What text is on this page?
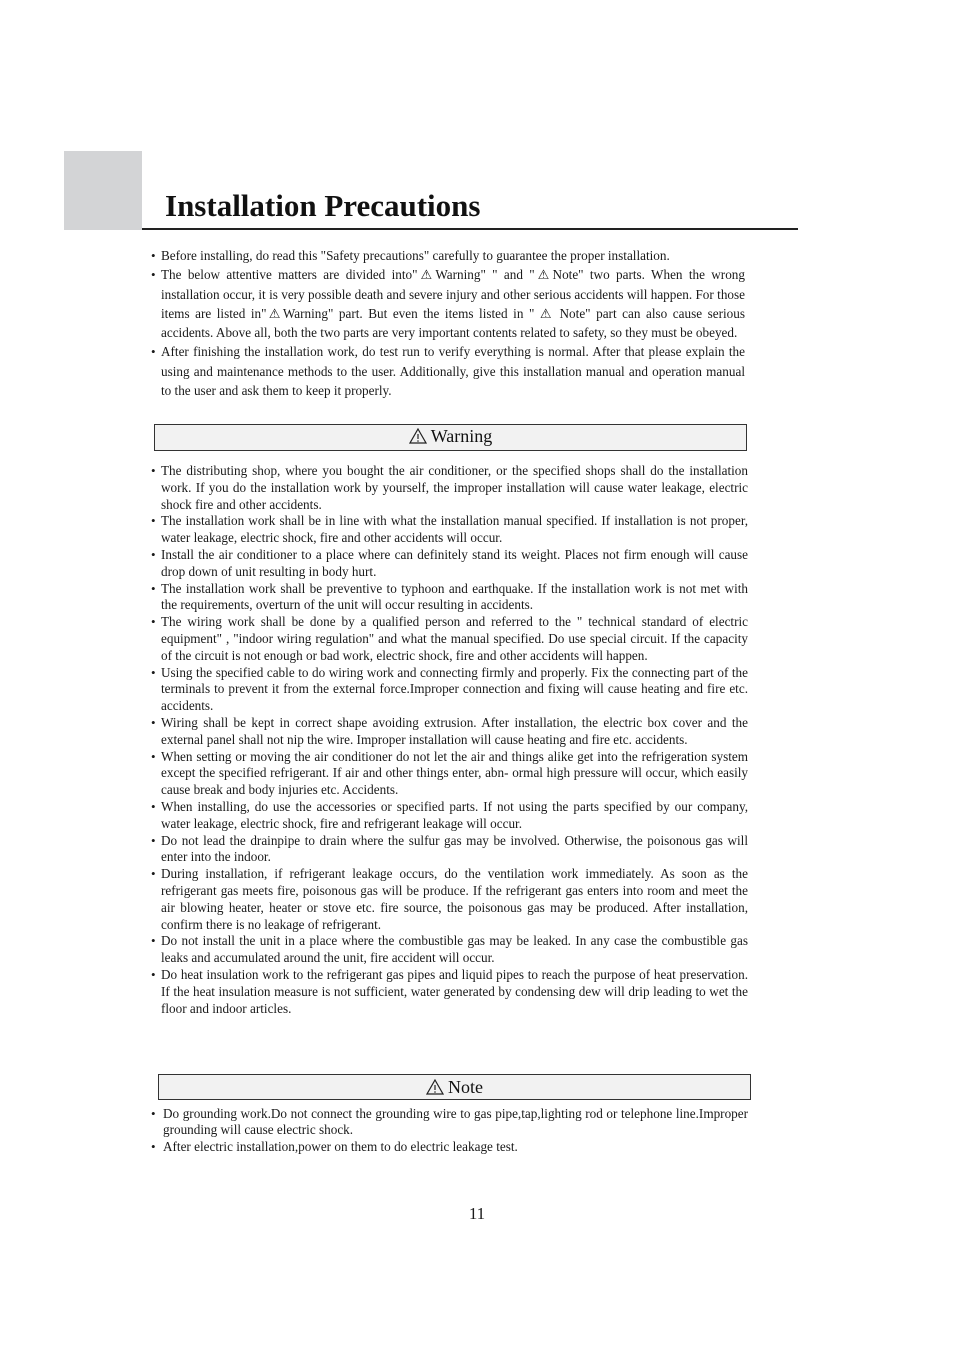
Installation Precautions
• Before installing, do read this "Safety precautions" carefully to guarantee the proper installation.
• The below attentive matters are divided into"⚠Warning" " and "⚠Note" two parts. When the wrong installation occur, it is very possible death and severe injury and other serious accidents will happen. For those items are listed in"⚠Warning" part. But even the items listed in " ⚠ Note" part can also cause serious accidents. Above all, both the two parts are very important contents related to safety, so they must be obeyed.
• After finishing the installation work, do test run to verify everything is normal. After that please explain the using and maintenance methods to the user. Additionally, give this installation manual and operation manual to the user and ask them to keep it properly.
Warning
• The distributing shop, where you bought the air conditioner, or the specified shops shall do the installation work. If you do the installation work by yourself, the improper installation will cause water leakage, electric shock fire and other accidents.
• The installation work shall be in line with what the installation manual specified. If installation is not proper, water leakage, electric shock, fire and other accidents will occur.
• Install the air conditioner to a place where can definitely stand its weight. Places not firm enough will cause drop down of unit resulting in body hurt.
• The installation work shall be preventive to typhoon and earthquake. If the installation work is not met with the requirements, overturn of the unit will occur resulting in accidents.
• The wiring work shall be done by a qualified person and referred to the " technical standard of electric equipment" , "indoor wiring regulation" and what the manual specified. Do use special circuit. If the capacity of the circuit is not enough or bad work, electric shock, fire and other accidents will happen.
• Using the specified cable to do wiring work and connecting firmly and properly. Fix the connecting part of the terminals to prevent it from the external force.Improper connection and fixing will cause heating and fire etc. accidents.
• Wiring shall be kept in correct shape avoiding extrusion. After installation, the electric box cover and the external panel shall not nip the wire. Improper installation will cause heating and fire etc. accidents.
• When setting or moving the air conditioner do not let the air and things alike get into the refrigeration system except the specified refrigerant. If air and other things enter, abn- ormal high pressure will occur, which easily cause break and body injuries etc. Accidents.
• When installing, do use the accessories or specified parts. If not using the parts specified by our company, water leakage, electric shock, fire and refrigerant leakage will occur.
• Do not lead the drainpipe to drain where the sulfur gas may be involved. Otherwise, the poisonous gas will enter into the indoor.
• During installation, if refrigerant leakage occurs, do the ventilation work immediately. As soon as the refrigerant gas meets fire, poisonous gas will be produce. If the refrigerant gas enters into room and meet the air blowing heater, heater or stove etc. fire source, the poisonous gas may be produced. After installation, confirm there is no leakage of refrigerant.
• Do not install the unit in a place where the combustible gas may be leaked. In any case the combustible gas leaks and accumulated around the unit, fire accident will occur.
• Do heat insulation work to the refrigerant gas pipes and liquid pipes to reach the purpose of heat preservation. If the heat insulation measure is not sufficient, water generated by condensing dew will drip leading to wet the floor and indoor articles.
Note
• Do grounding work.Do not connect the grounding wire to gas pipe,tap,lighting rod or telephone line.Improper grounding will cause electric shock.
• After electric installation,power on them to do electric leakage test.
11
